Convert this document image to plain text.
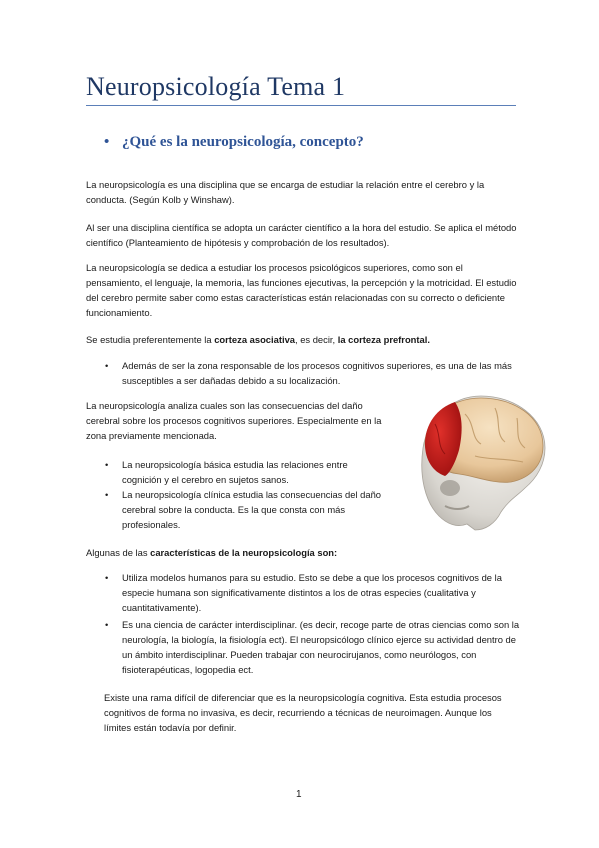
Neuropsicología Tema 1
• ¿Qué es la neuropsicología, concepto?
La neuropsicología es una disciplina que se encarga de estudiar la relación entre el cerebro y la conducta. (Según Kolb y Winshaw).
Al ser una disciplina científica se adopta un carácter científico a la hora del estudio. Se aplica el método científico (Planteamiento de hipótesis y comprobación de los resultados).
La neuropsicología se dedica a estudiar los procesos psicológicos superiores, como son el pensamiento, el lenguaje, la memoria, las funciones ejecutivas, la percepción y la motricidad. El estudio del cerebro permite saber como estas características están relacionadas con su correcto o deficiente funcionamiento.
Se estudia preferentemente la corteza asociativa, es decir, la corteza prefrontal.
• Además de ser la zona responsable de los procesos cognitivos superiores, es una de las más susceptibles a ser dañadas debido a su localización.
La neuropsicología analiza cuales son las consecuencias del daño cerebral sobre los procesos cognitivos superiores. Especialmente en la zona previamente mencionada.
• La neuropsicología básica estudia las relaciones entre cognición y el cerebro en sujetos sanos.
• La neuropsicología clínica estudia las consecuencias del daño cerebral sobre la conducta. Es la que consta con más profesionales.
Algunas de las características de la neuropsicología son:
• Utiliza modelos humanos para su estudio. Esto se debe a que los procesos cognitivos de la especie humana son significativamente distintos a los de otras especies (cualitativa y cuantitativamente).
• Es una ciencia de carácter interdisciplinar. (es decir, recoge parte de otras ciencias como son la neurología, la biología, la fisiología ect). El neuropsicólogo clínico ejerce su actividad dentro de un ámbito interdisciplinar. Pueden trabajar con neurocirujanos, como neurólogos, con fisioterapéuticas, logopedia ect.
Existe una rama difícil de diferenciar que es la neuropsicología cognitiva. Esta estudia procesos cognitivos de forma no invasiva, es decir, recurriendo a técnicas de neuroimagen. Aunque los límites están todavía por definir.
1
